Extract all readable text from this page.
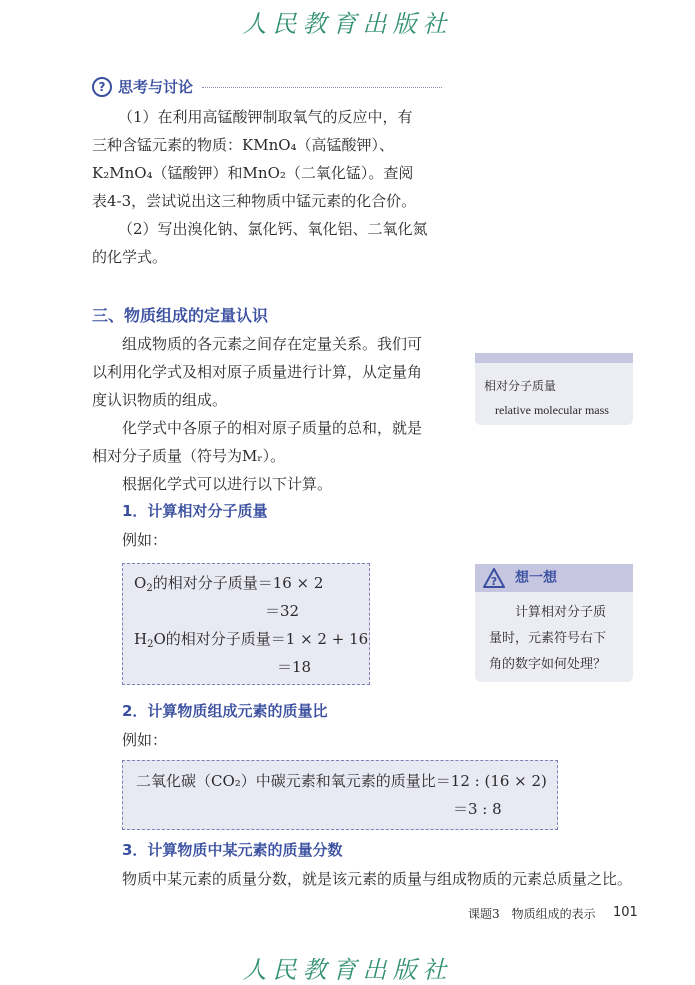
人民教育出版社
? 思考与讨论
（1）在利用高锰酸钾制取氧气的反应中，有
三种含锰元素的物质：KMnO₄（高锰酸钾）、
K₂MnO₄（锰酸钾）和MnO₂（二氧化锰）。查阅
表4-3，尝试说出这三种物质中锰元素的化合价。
（2）写出溴化钠、氯化钙、氧化铝、二氧化氮
的化学式。
三、物质组成的定量认识
组成物质的各元素之间存在定量关系。我们可
以利用化学式及相对原子质量进行计算，从定量角
度认识物质的组成。
化学式中各原子的相对原子质量的总和，就是
相对分子质量（符号为Mᵣ）。
根据化学式可以进行以下计算。
1．计算相对分子质量
例如：
$O_2$的相对分子质量＝16 × 2
＝32
$H_2O$的相对分子质量＝1 × 2 + 16
＝18
2．计算物质组成元素的质量比
例如：
二氧化碳（CO₂）中碳元素和氧元素的质量比＝12 : (16 × 2)
＝3 : 8
3．计算物质中某元素的质量分数
物质中某元素的质量分数，就是该元素的质量与组成物质的元素总质量之比。
相对分子质量
relative molecular mass
? 想一想
计算相对分子质
量时，元素符号右下
角的数字如何处理？
课题3　物质组成的表示 101
人民教育出版社
